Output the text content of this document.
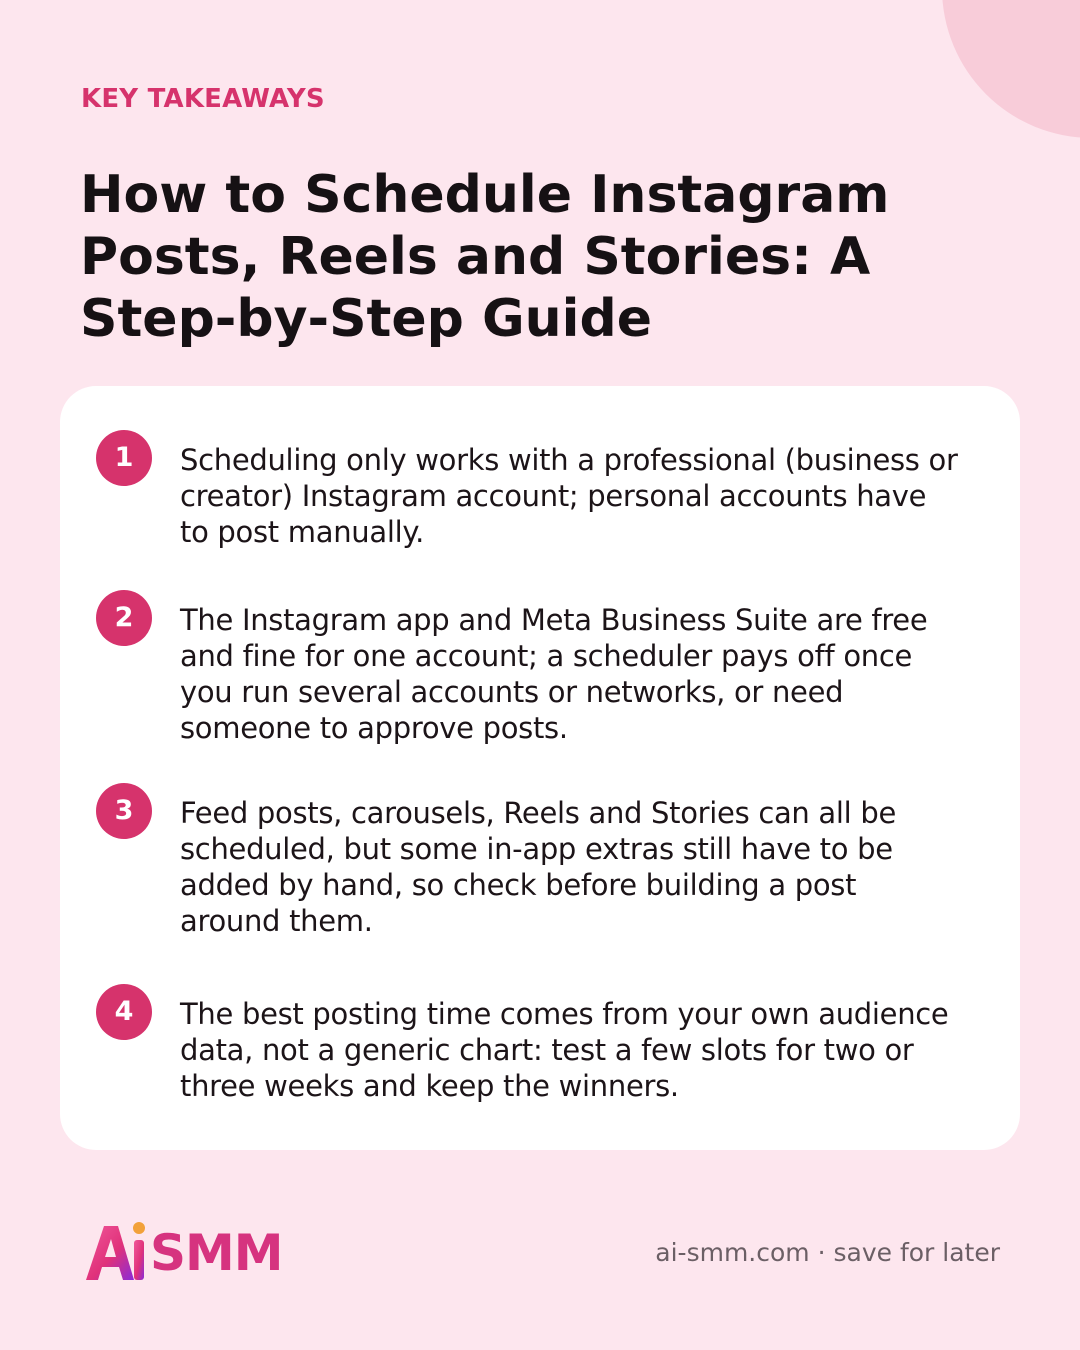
KEY TAKEAWAYS
How to Schedule Instagram Posts, Reels and Stories: A Step-by-Step Guide
1	Scheduling only works with a professional (business or creator) Instagram account; personal accounts have to post manually.

2	The Instagram app and Meta Business Suite are free and fine for one account; a scheduler pays off once you run several accounts or networks, or need someone to approve posts.

3	Feed posts, carousels, Reels and Stories can all be scheduled, but some in-app extras still have to be added by hand, so check before building a post around them.

4	The best posting time comes from your own audience data, not a generic chart: test a few slots for two or three weeks and keep the winners.

SMM	ai-smm.com · save for later
